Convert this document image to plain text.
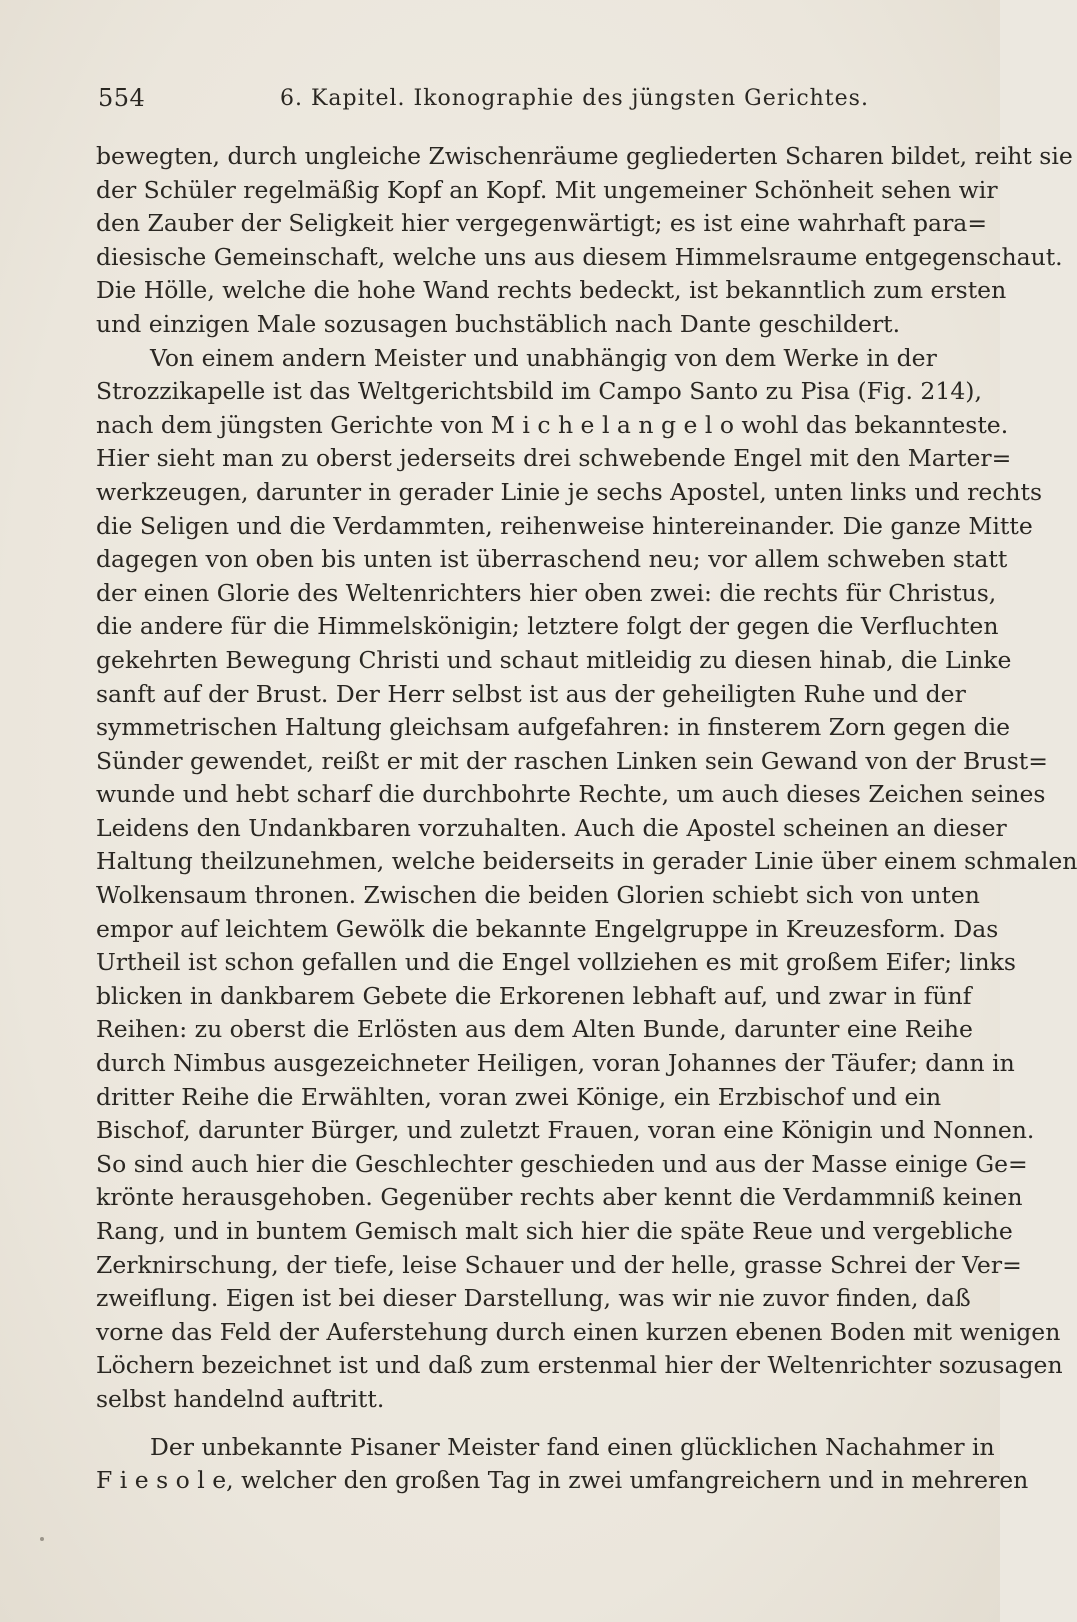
554	6. Kapitel. Ikonographie des jüngsten Gerichtes.
bewegten, durch ungleiche Zwischenräume gegliederten Scharen bildet, reiht sie
der Schüler regelmäßig Kopf an Kopf. Mit ungemeiner Schönheit sehen wir
den Zauber der Seligkeit hier vergegenwärtigt; es ist eine wahrhaft para=
diesische Gemeinschaft, welche uns aus diesem Himmelsraume entgegenschaut.
Die Hölle, welche die hohe Wand rechts bedeckt, ist bekanntlich zum ersten
und einzigen Male sozusagen buchstäblich nach Dante geschildert.
Von einem andern Meister und unabhängig von dem Werke in der
Strozzikapelle ist das Weltgerichtsbild im Campo Santo zu Pisa (Fig. 214),
nach dem jüngsten Gerichte von M i c h e l a n g e l o wohl das bekannteste.
Hier sieht man zu oberst jederseits drei schwebende Engel mit den Marter=
werkzeugen, darunter in gerader Linie je sechs Apostel, unten links und rechts
die Seligen und die Verdammten, reihenweise hintereinander. Die ganze Mitte
dagegen von oben bis unten ist überraschend neu; vor allem schweben statt
der einen Glorie des Weltenrichters hier oben zwei: die rechts für Christus,
die andere für die Himmelskönigin; letztere folgt der gegen die Verfluchten
gekehrten Bewegung Christi und schaut mitleidig zu diesen hinab, die Linke
sanft auf der Brust. Der Herr selbst ist aus der geheiligten Ruhe und der
symmetrischen Haltung gleichsam aufgefahren: in finsterem Zorn gegen die
Sünder gewendet, reißt er mit der raschen Linken sein Gewand von der Brust=
wunde und hebt scharf die durchbohrte Rechte, um auch dieses Zeichen seines
Leidens den Undankbaren vorzuhalten. Auch die Apostel scheinen an dieser
Haltung theilzunehmen, welche beiderseits in gerader Linie über einem schmalen
Wolkensaum thronen. Zwischen die beiden Glorien schiebt sich von unten
empor auf leichtem Gewölk die bekannte Engelgruppe in Kreuzesform. Das
Urtheil ist schon gefallen und die Engel vollziehen es mit großem Eifer; links
blicken in dankbarem Gebete die Erkorenen lebhaft auf, und zwar in fünf
Reihen: zu oberst die Erlösten aus dem Alten Bunde, darunter eine Reihe
durch Nimbus ausgezeichneter Heiligen, voran Johannes der Täufer; dann in
dritter Reihe die Erwählten, voran zwei Könige, ein Erzbischof und ein
Bischof, darunter Bürger, und zuletzt Frauen, voran eine Königin und Nonnen.
So sind auch hier die Geschlechter geschieden und aus der Masse einige Ge=
krönte herausgehoben. Gegenüber rechts aber kennt die Verdammniß keinen
Rang, und in buntem Gemisch malt sich hier die späte Reue und vergebliche
Zerknirschung, der tiefe, leise Schauer und der helle, grasse Schrei der Ver=
zweiflung. Eigen ist bei dieser Darstellung, was wir nie zuvor finden, daß
vorne das Feld der Auferstehung durch einen kurzen ebenen Boden mit wenigen
Löchern bezeichnet ist und daß zum erstenmal hier der Weltenrichter sozusagen
selbst handelnd auftritt.
Der unbekannte Pisaner Meister fand einen glücklichen Nachahmer in
F i e s o l e, welcher den großen Tag in zwei umfangreichern und in mehreren
